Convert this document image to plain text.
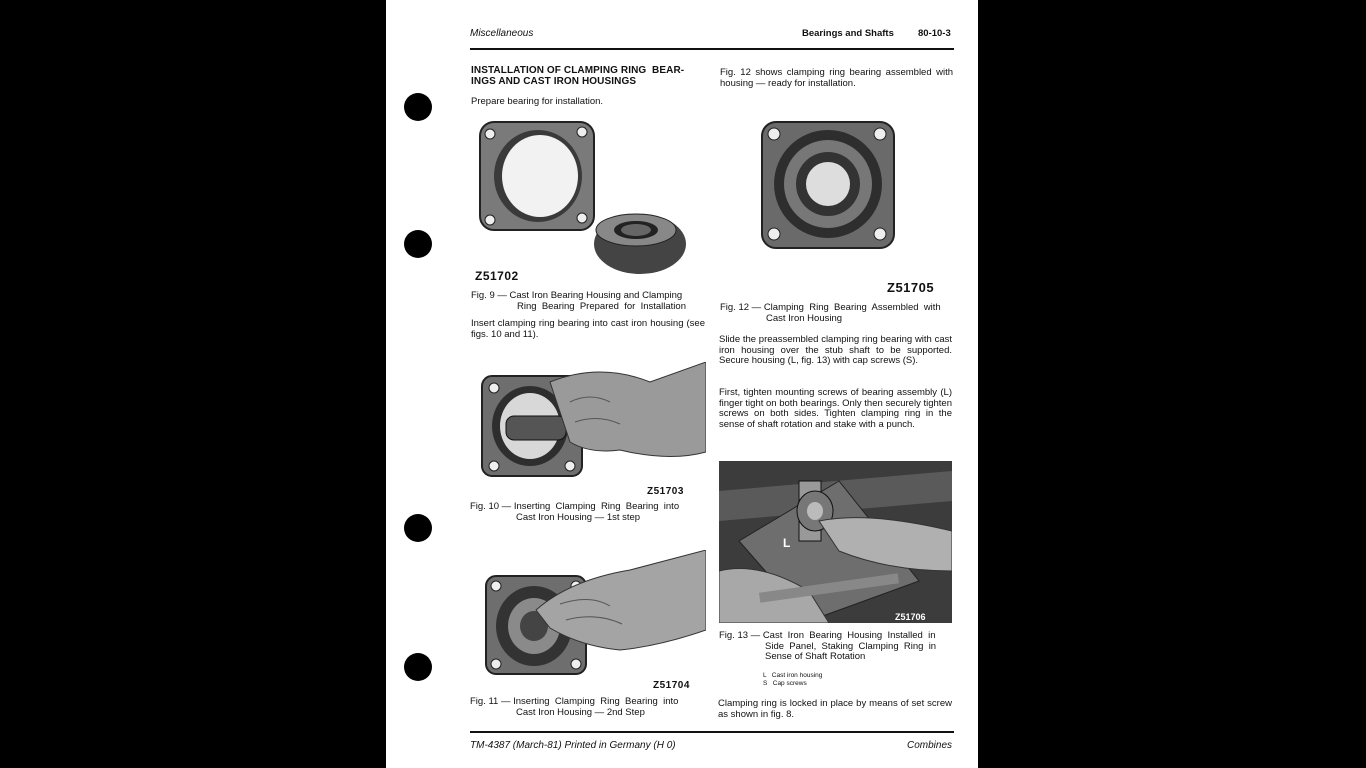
Miscellaneous	Bearings and Shafts	80-10-3
INSTALLATION OF CLAMPING RING  BEAR-
INGS AND CAST IRON HOUSINGS
Prepare bearing for installation.
Z51702
Fig. 9 — Cast Iron Bearing Housing and Clamping
Ring  Bearing  Prepared  for  Installation
Insert clamping ring bearing into cast iron housing (see figs. 10 and 11).
Z51703
Fig. 10 — Inserting  Clamping  Ring  Bearing  into
Cast Iron Housing — 1st step
Z51704
Fig. 11 — Inserting  Clamping  Ring  Bearing  into
Cast Iron Housing — 2nd Step
Fig. 12 shows clamping ring bearing assembled with housing — ready for installation.
Z51705
Fig. 12 — Clamping  Ring  Bearing  Assembled  with
Cast Iron Housing
Slide the preassembled clamping ring bearing with cast iron housing over the stub shaft to be supported. Secure housing (L, fig. 13) with cap screws (S).
First, tighten mounting screws of bearing assembly (L) finger tight on both bearings. Only then securely tighten screws on both sides. Tighten clamping ring in the sense of shaft rotation and stake with a punch.
L
Z51706
Fig. 13 — Cast  Iron  Bearing  Housing  Installed  in
Side  Panel,  Staking  Clamping  Ring  in
Sense of Shaft Rotation
L   Cast iron housing
S   Cap screws
Clamping ring is locked in place by means of set screw as shown in fig. 8.
TM-4387 (March-81) Printed in Germany (H 0)	Combines
